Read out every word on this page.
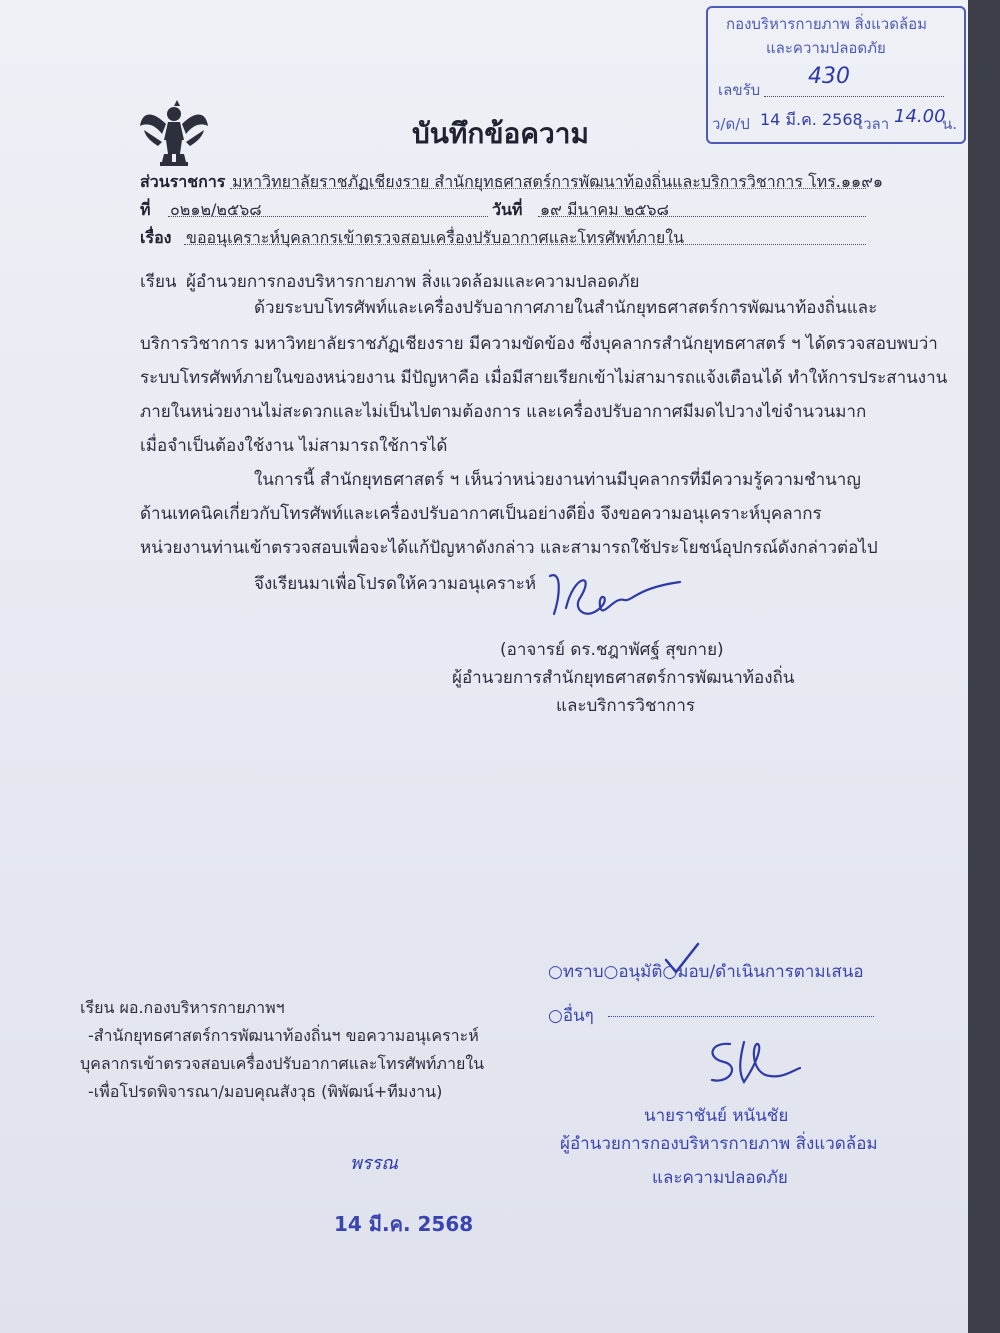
กองบริหารกายภาพ สิ่งแวดล้อม
และความปลอดภัย
เลขรับ
430
ว/ด/ป 14 มี.ค. 2568
เวลา 14.00
น.
บันทึกข้อความ
ส่วนราชการ มหาวิทยาลัยราชภัฏเชียงราย สำนักยุทธศาสตร์การพัฒนาท้องถิ่นและบริการวิชาการ โทร.๑๑๙๑
ที่ ๐๒๑๒/๒๕๖๘	วันที่ ๑๙ มีนาคม ๒๕๖๘
เรื่อง ขออนุเคราะห์บุคลากรเข้าตรวจสอบเครื่องปรับอากาศและโทรศัพท์ภายใน
เรียน ผู้อำนวยการกองบริหารกายภาพ สิ่งแวดล้อมและความปลอดภัย
ด้วยระบบโทรศัพท์และเครื่องปรับอากาศภายในสำนักยุทธศาสตร์การพัฒนาท้องถิ่นและ
บริการวิชาการ มหาวิทยาลัยราชภัฏเชียงราย มีความขัดข้อง ซึ่งบุคลากรสำนักยุทธศาสตร์ ฯ ได้ตรวจสอบพบว่า
ระบบโทรศัพท์ภายในของหน่วยงาน มีปัญหาคือ เมื่อมีสายเรียกเข้าไม่สามารถแจ้งเตือนได้ ทำให้การประสานงาน
ภายในหน่วยงานไม่สะดวกและไม่เป็นไปตามต้องการ และเครื่องปรับอากาศมีมดไปวางไข่จำนวนมาก
เมื่อจำเป็นต้องใช้งาน ไม่สามารถใช้การได้
ในการนี้ สำนักยุทธศาสตร์ ฯ เห็นว่าหน่วยงานท่านมีบุคลากรที่มีความรู้ความชำนาญ
ด้านเทคนิคเกี่ยวกับโทรศัพท์และเครื่องปรับอากาศเป็นอย่างดียิ่ง จึงขอความอนุเคราะห์บุคลากร
หน่วยงานท่านเข้าตรวจสอบเพื่อจะได้แก้ปัญหาดังกล่าว และสามารถใช้ประโยชน์อุปกรณ์ดังกล่าวต่อไป
จึงเรียนมาเพื่อโปรดให้ความอนุเคราะห์
(อาจารย์ ดร.ชฎาพัศฐ์ สุขกาย)
ผู้อำนวยการสำนักยุทธศาสตร์การพัฒนาท้องถิ่น
และบริการวิชาการ
○ทราบ○อนุมัติ○มอบ/ดำเนินการตามเสนอ
○อื่นๆ
นายราชันย์ หนันชัย
ผู้อำนวยการกองบริหารกายภาพ สิ่งแวดล้อม
และความปลอดภัย
เรียน ผอ.กองบริหารกายภาพฯ
-สำนักยุทธศาสตร์การพัฒนาท้องถิ่นฯ ขอความอนุเคราะห์
บุคลากรเข้าตรวจสอบเครื่องปรับอากาศและโทรศัพท์ภายใน
-เพื่อโปรดพิจารณา/มอบคุณสังวุธ (พิพัฒน์+ทีมงาน)
พรรณ
14 มี.ค. 2568
